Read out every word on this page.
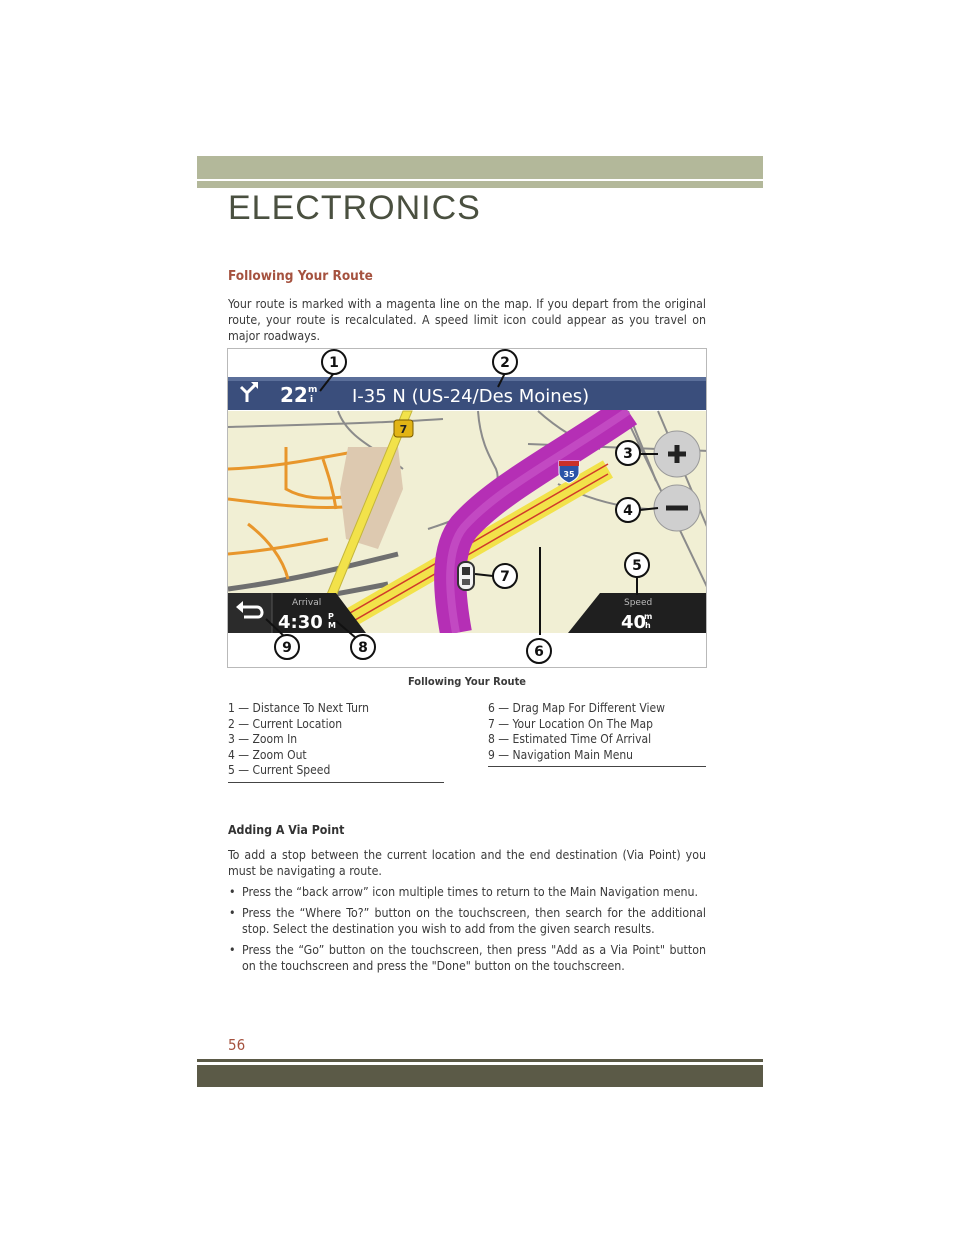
ELECTRONICS
Following Your Route
Your route is marked with a magenta line on the map. If you depart from the original route, your route is recalculated. A speed limit icon could appear as you travel on major roadways.
7
35
22 m
i I-35 N (US-24/Des Moines)
Arrival
4:30 P
M
Speed
40
m
h
1	2
3
4
5
6
7
8
9
Following Your Route
1 — Distance To Next Turn
2 — Current Location
3 — Zoom In
4 — Zoom Out
5 — Current Speed
6 — Drag Map For Different View
7 — Your Location On The Map
8 — Estimated Time Of Arrival
9 — Navigation Main Menu
Adding A Via Point
To add a stop between the current location and the end destination (Via Point) you must be navigating a route.
• Press the “back arrow” icon multiple times to return to the Main Navigation menu.
• Press the “Where To?” button on the touchscreen, then search for the additional stop. Select the destination you wish to add from the given search results.
• Press the “Go” button on the touchscreen, then press "Add as a Via Point" button on the touchscreen and press the "Done" button on the touchscreen.
56
